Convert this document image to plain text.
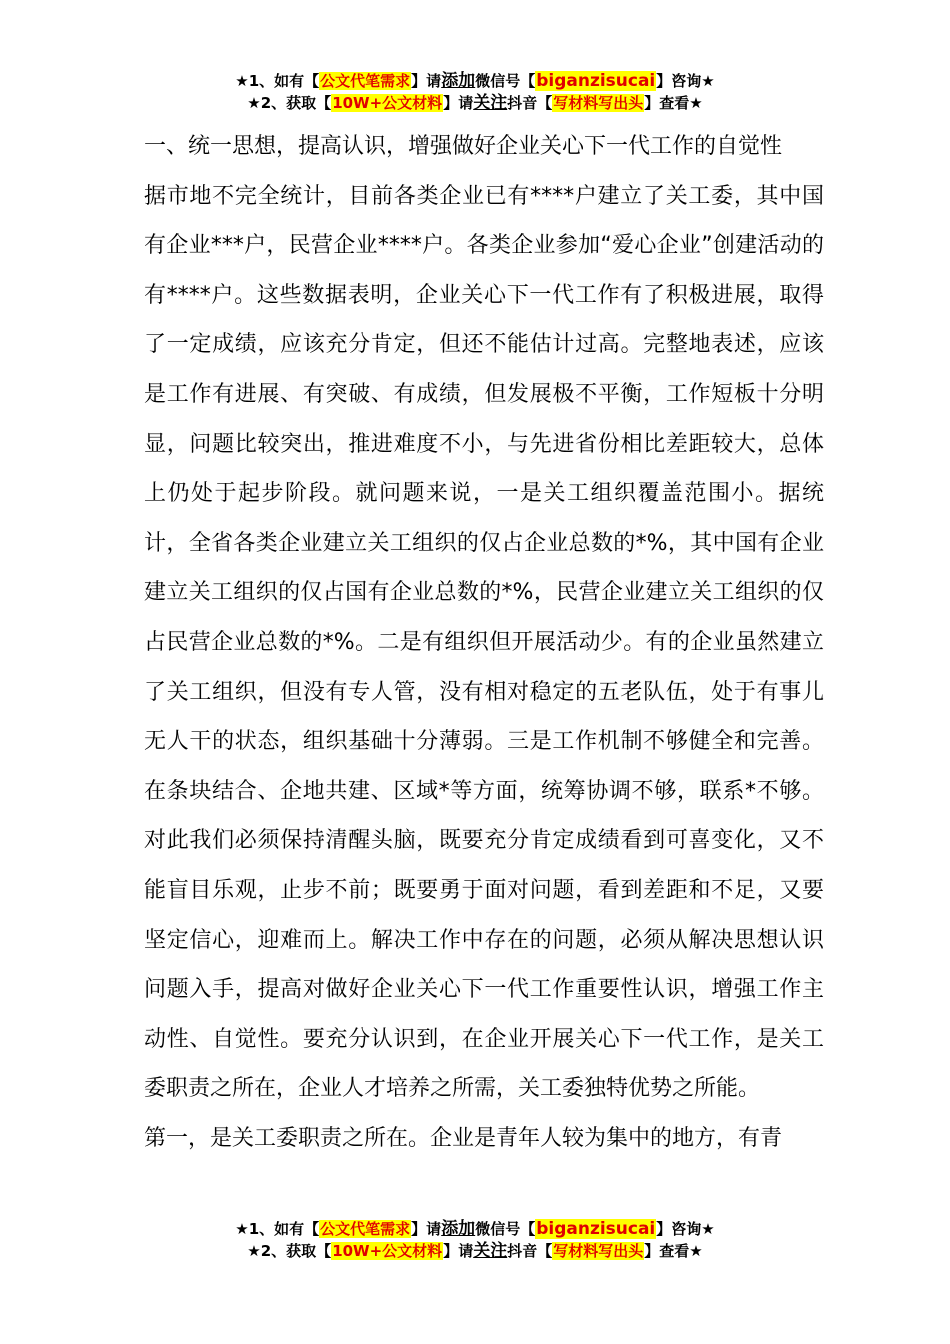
★1、如有【公文代笔需求】请添加微信号【biganzisucai】咨询★
★2、获取【10W+公文材料】请关注抖音【写材料写出头】查看★

一、统一思想，提高认识，增强做好企业关心下一代工作的自觉性

据市地不完全统计，目前各类企业已有****户建立了关工委，其中国有企业***户，民营企业****户。各类企业参加“爱心企业”创建活动的有****户。这些数据表明，企业关心下一代工作有了积极进展，取得了一定成绩，应该充分肯定，但还不能估计过高。完整地表述，应该是工作有进展、有突破、有成绩，但发展极不平衡，工作短板十分明显，问题比较突出，推进难度不小，与先进省份相比差距较大，总体上仍处于起步阶段。就问题来说，一是关工组织覆盖范围小。据统计，全省各类企业建立关工组织的仅占企业总数的*%，其中国有企业建立关工组织的仅占国有企业总数的*%，民营企业建立关工组织的仅占民营企业总数的*%。二是有组织但开展活动少。有的企业虽然建立了关工组织，但没有专人管，没有相对稳定的五老队伍，处于有事儿无人干的状态，组织基础十分薄弱。三是工作机制不够健全和完善。在条块结合、企地共建、区域*等方面，统筹协调不够，联系*不够。对此我们必须保持清醒头脑，既要充分肯定成绩看到可喜变化，又不能盲目乐观，止步不前；既要勇于面对问题，看到差距和不足，又要坚定信心，迎难而上。解决工作中存在的问题，必须从解决思想认识问题入手，提高对做好企业关心下一代工作重要性认识，增强工作主动性、自觉性。要充分认识到，在企业开展关心下一代工作，是关工委职责之所在，企业人才培养之所需，关工委独特优势之所能。

第一，是关工委职责之所在。企业是青年人较为集中的地方，有青

★1、如有【公文代笔需求】请添加微信号【biganzisucai】咨询★
★2、获取【10W+公文材料】请关注抖音【写材料写出头】查看★
